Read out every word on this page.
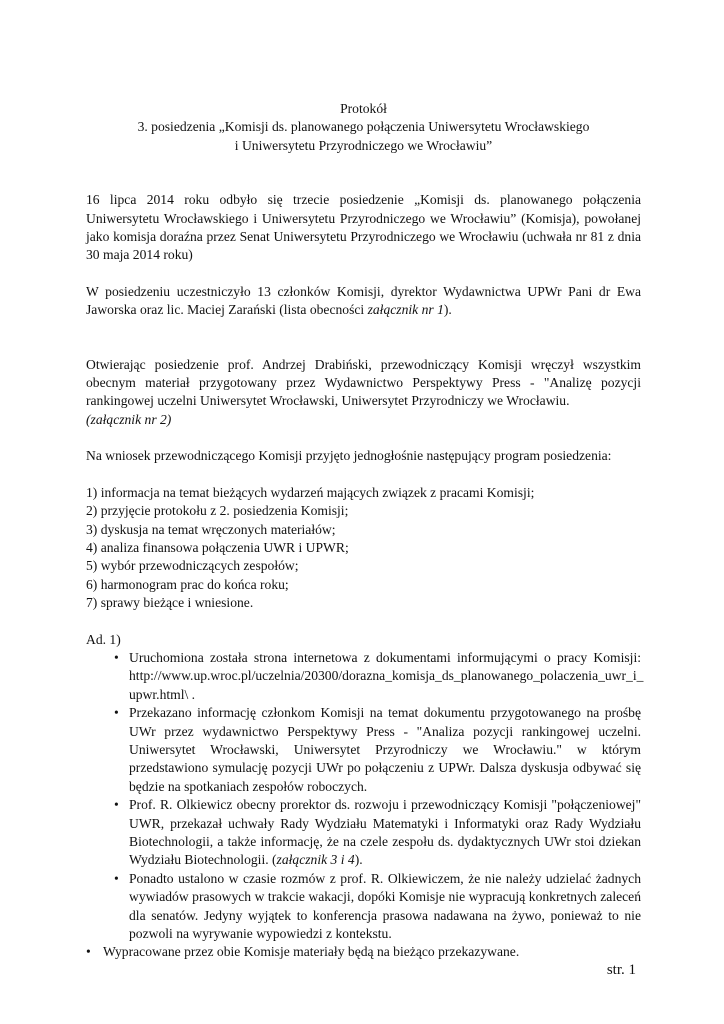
Protokół

3. posiedzenia „Komisji ds. planowanego połączenia Uniwersytetu Wrocławskiego

i Uniwersytetu Przyrodniczego we Wrocławiu”

16 lipca 2014 roku odbyło się trzecie posiedzenie „Komisji ds. planowanego połączenia Uniwersytetu Wrocławskiego i Uniwersytetu Przyrodniczego we Wrocławiu” (Komisja), powołanej jako komisja doraźna przez Senat Uniwersytetu Przyrodniczego we Wrocławiu (uchwała nr 81 z dnia 30 maja 2014 roku)

W posiedzeniu uczestniczyło 13 członków Komisji, dyrektor Wydawnictwa UPWr Pani dr Ewa Jaworska oraz lic. Maciej Zarański (lista obecności załącznik nr 1).

Otwierając posiedzenie prof. Andrzej Drabiński, przewodniczący Komisji wręczył wszystkim obecnym materiał przygotowany przez Wydawnictwo Perspektywy Press - "Analizę pozycji rankingowej uczelni Uniwersytet Wrocławski, Uniwersytet Przyrodniczy we Wrocławiu.
(załącznik nr 2)

Na wniosek przewodniczącego Komisji przyjęto jednogłośnie następujący program posiedzenia:

1) informacja na temat bieżących wydarzeń mających związek z pracami Komisji;
2) przyjęcie protokołu z 2. posiedzenia Komisji;
3) dyskusja na temat wręczonych materiałów;
4) analiza finansowa połączenia UWR i UPWR;
5) wybór przewodniczących zespołów;
6) harmonogram prac do końca roku;
7) sprawy bieżące i wniesione.

Ad. 1)

• Uruchomiona została strona internetowa z dokumentami informującymi o pracy Komisji: http://www.up.wroc.pl/uczelnia/20300/dorazna_komisja_ds_planowanego_polaczenia_uwr_i_ upwr.html\ .
• Przekazano informację członkom Komisji na temat dokumentu przygotowanego na prośbę UWr przez wydawnictwo Perspektywy Press - "Analiza pozycji rankingowej uczelni. Uniwersytet Wrocławski, Uniwersytet Przyrodniczy we Wrocławiu." w którym przedstawiono symulację pozycji UWr po połączeniu z UPWr. Dalsza dyskusja odbywać się będzie na spotkaniach zespołów roboczych.
• Prof. R. Olkiewicz obecny prorektor ds. rozwoju i przewodniczący Komisji "połączeniowej" UWR, przekazał uchwały Rady Wydziału Matematyki i Informatyki oraz Rady Wydziału Biotechnologii, a także informację, że na czele zespołu ds. dydaktycznych UWr stoi dziekan Wydziału Biotechnologii. (załącznik 3 i 4).
• Ponadto ustalono w czasie rozmów z prof. R. Olkiewiczem, że nie należy udzielać żadnych wywiadów prasowych w trakcie wakacji, dopóki Komisje nie wypracują konkretnych zaleceń dla senatów. Jedyny wyjątek to konferencja prasowa nadawana na żywo, ponieważ to nie pozwoli na wyrywanie wypowiedzi z kontekstu.
• Wypracowane przez obie Komisje materiały będą na bieżąco przekazywane.
str. 1
